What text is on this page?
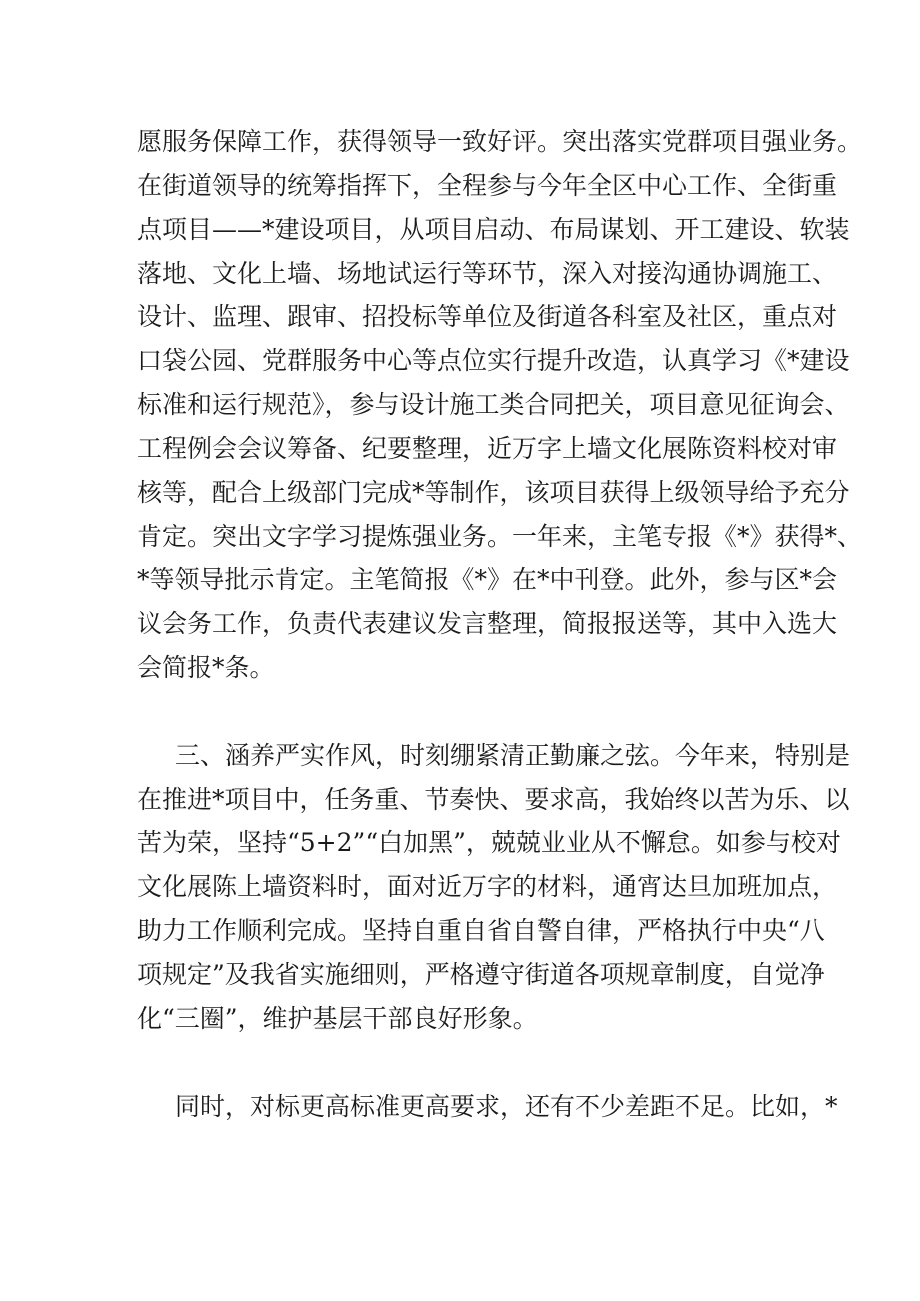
愿服务保障工作，获得领导一致好评。突出落实党群项目强业务。
在街道领导的统筹指挥下，全程参与今年全区中心工作、全街重
点项目——*建设项目，从项目启动、布局谋划、开工建设、软装
落地、文化上墙、场地试运行等环节，深入对接沟通协调施工、
设计、监理、跟审、招投标等单位及街道各科室及社区，重点对
口袋公园、党群服务中心等点位实行提升改造，认真学习《*建设
标准和运行规范》，参与设计施工类合同把关，项目意见征询会、
工程例会会议筹备、纪要整理，近万字上墙文化展陈资料校对审
核等，配合上级部门完成*等制作，该项目获得上级领导给予充分
肯定。突出文字学习提炼强业务。一年来，主笔专报《*》获得*、
*等领导批示肯定。主笔简报《*》在*中刊登。此外，参与区*会
议会务工作，负责代表建议发言整理，简报报送等，其中入选大
会简报*条。
三、涵养严实作风，时刻绷紧清正勤廉之弦。今年来，特别是
在推进*项目中，任务重、节奏快、要求高，我始终以苦为乐、以
苦为荣，坚持“5+2”“白加黑”，兢兢业业从不懈怠。如参与校对
文化展陈上墙资料时，面对近万字的材料，通宵达旦加班加点，
助力工作顺利完成。坚持自重自省自警自律，严格执行中央“八
项规定”及我省实施细则，严格遵守街道各项规章制度，自觉净
化“三圈”，维护基层干部良好形象。
同时，对标更高标准更高要求，还有不少差距不足。比如，*
